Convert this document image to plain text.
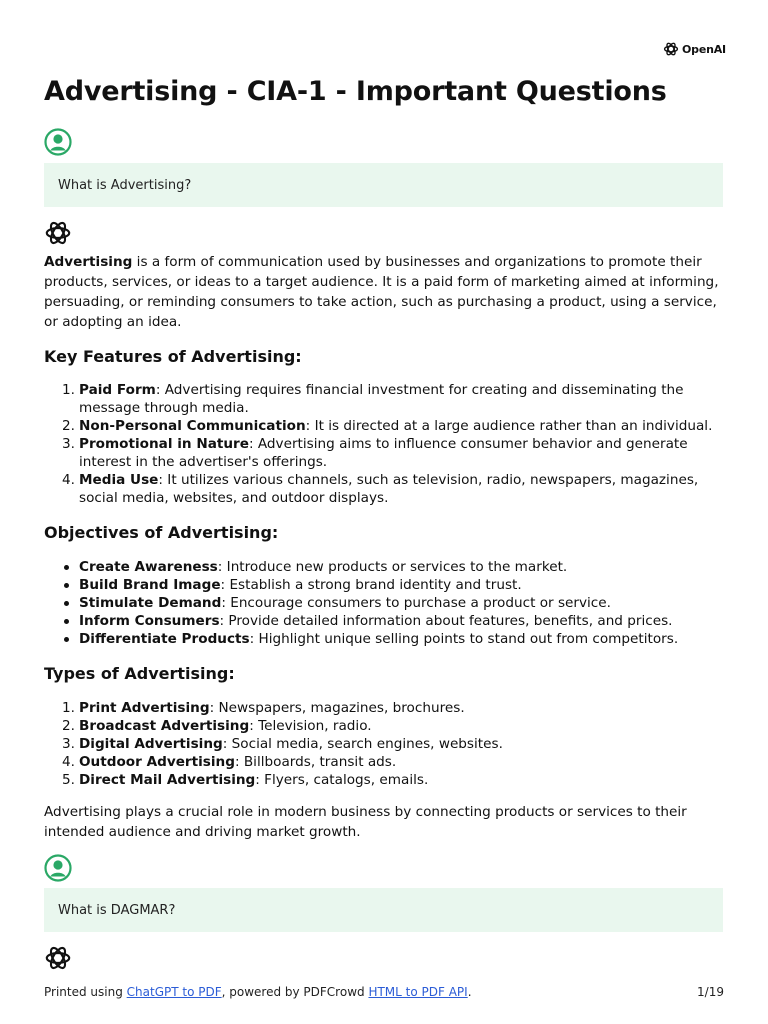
OpenAI
Advertising - CIA-1 - Important Questions
What is Advertising?

Advertising is a form of communication used by businesses and organizations to promote their products, services, or ideas to a target audience. It is a paid form of marketing aimed at informing, persuading, or reminding consumers to take action, such as purchasing a product, using a service, or adopting an idea.

Key Features of Advertising:
1. Paid Form: Advertising requires financial investment for creating and disseminating the message through media.
2. Non-Personal Communication: It is directed at a large audience rather than an individual.
3. Promotional in Nature: Advertising aims to influence consumer behavior and generate interest in the advertiser's offerings.
4. Media Use: It utilizes various channels, such as television, radio, newspapers, magazines, social media, websites, and outdoor displays.
Objectives of Advertising:
Create Awareness: Introduce new products or services to the market.
Build Brand Image: Establish a strong brand identity and trust.
Stimulate Demand: Encourage consumers to purchase a product or service.
Inform Consumers: Provide detailed information about features, benefits, and prices.
Differentiate Products: Highlight unique selling points to stand out from competitors.
Types of Advertising:
1. Print Advertising: Newspapers, magazines, brochures.
2. Broadcast Advertising: Television, radio.
3. Digital Advertising: Social media, search engines, websites.
4. Outdoor Advertising: Billboards, transit ads.
5. Direct Mail Advertising: Flyers, catalogs, emails.

Advertising plays a crucial role in modern business by connecting products or services to their intended audience and driving market growth.

What is DAGMAR?
Printed using ChatGPT to PDF, powered by PDFCrowd HTML to PDF API.	1/19
